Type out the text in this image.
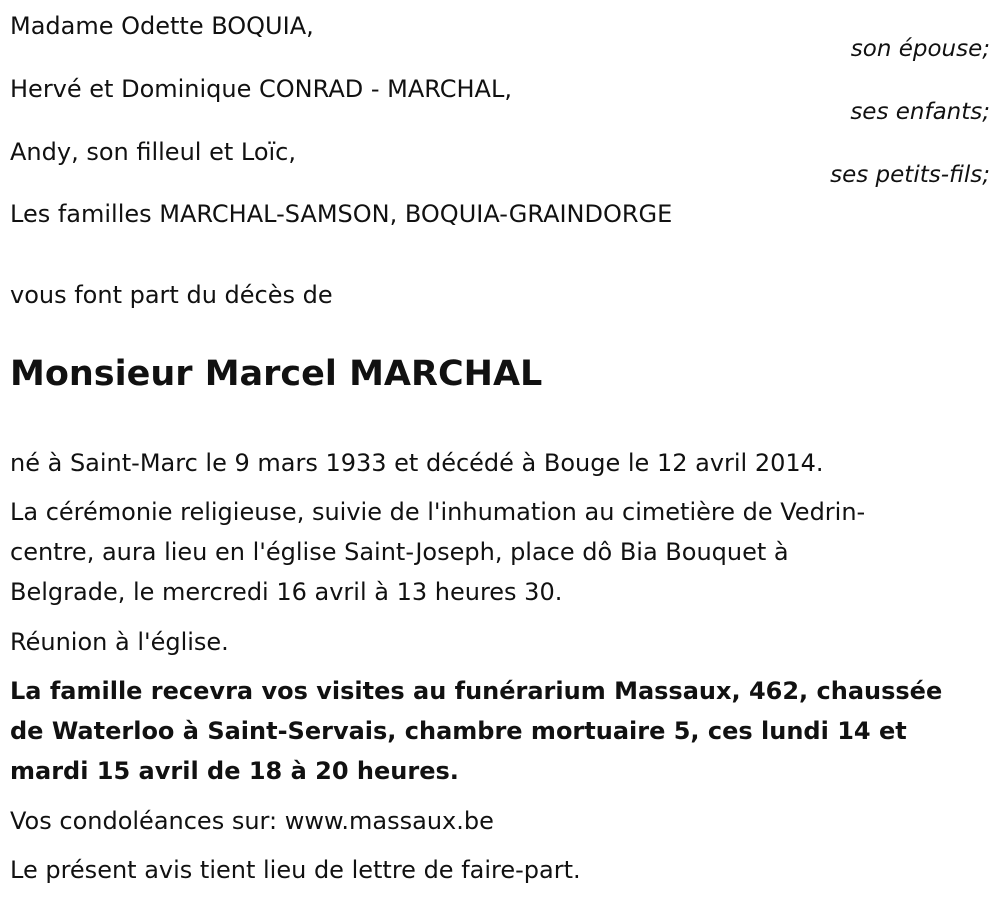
Madame Odette BOQUIA,
son épouse;
Hervé et Dominique CONRAD - MARCHAL,
ses enfants;
Andy, son filleul et Loïc,
ses petits-fils;
Les familles MARCHAL-SAMSON, BOQUIA-GRAINDORGE
vous font part du décès de
Monsieur Marcel MARCHAL
né à Saint-Marc le 9 mars 1933 et décédé à Bouge le 12 avril 2014.
La cérémonie religieuse, suivie de l'inhumation au cimetière de Vedrin-
centre, aura lieu en l'église Saint-Joseph, place dô Bia Bouquet à
Belgrade, le mercredi 16 avril à 13 heures 30.
Réunion à l'église.
La famille recevra vos visites au funérarium Massaux, 462, chaussée
de Waterloo à Saint-Servais, chambre mortuaire 5, ces lundi 14 et
mardi 15 avril de 18 à 20 heures.
Vos condoléances sur: www.massaux.be
Le présent avis tient lieu de lettre de faire-part.
